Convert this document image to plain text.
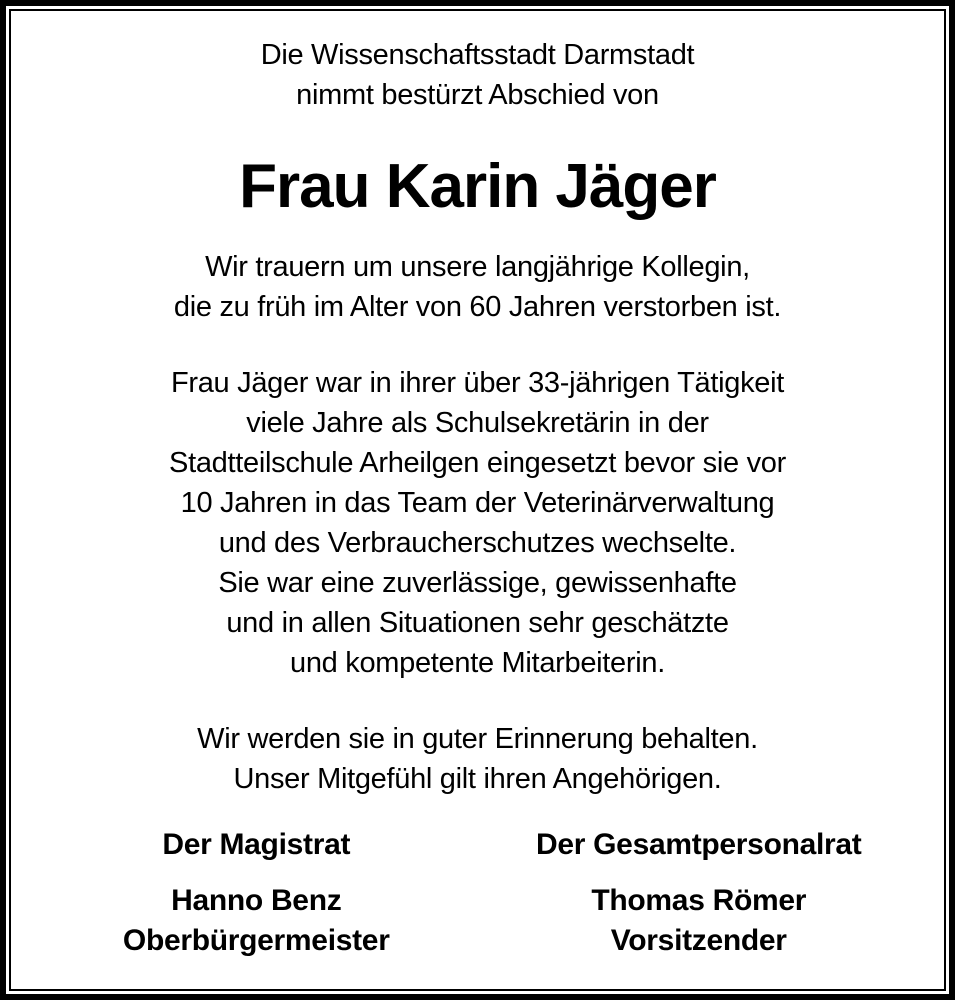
Die Wissenschaftsstadt Darmstadt
nimmt bestürzt Abschied von
Frau Karin Jäger
Wir trauern um unsere langjährige Kollegin,
die zu früh im Alter von 60 Jahren verstorben ist.
Frau Jäger war in ihrer über 33-jährigen Tätigkeit
viele Jahre als Schulsekretärin in der
Stadtteilschule Arheilgen eingesetzt bevor sie vor
10 Jahren in das Team der Veterinärverwaltung
und des Verbraucherschutzes wechselte.
Sie war eine zuverlässige, gewissenhafte
und in allen Situationen sehr geschätzte
und kompetente Mitarbeiterin.
Wir werden sie in guter Erinnerung behalten.
Unser Mitgefühl gilt ihren Angehörigen.
Der Magistrat
Hanno Benz
Oberbürgermeister
Der Gesamtpersonalrat
Thomas Römer
Vorsitzender
